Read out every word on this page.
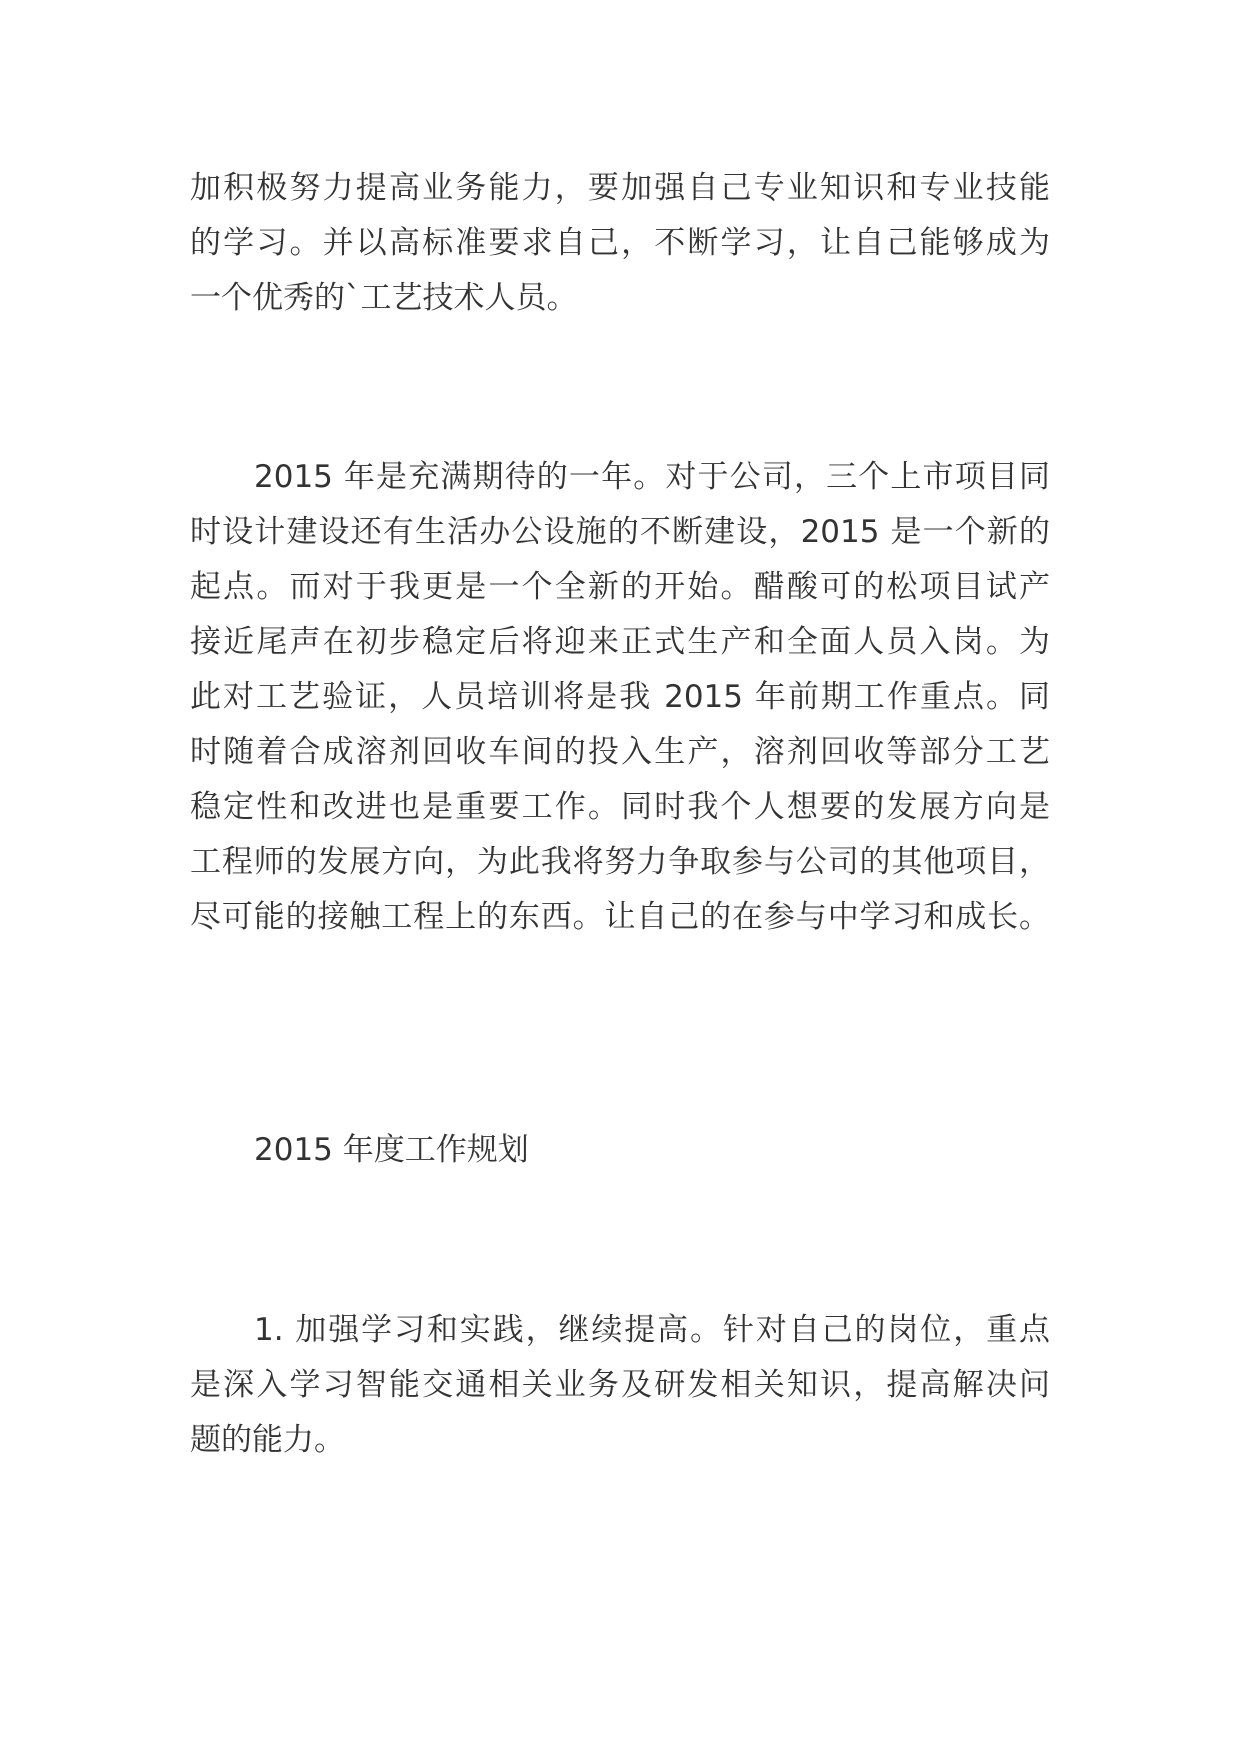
加积极努力提高业务能力，要加强自己专业知识和专业技能
的学习。并以高标准要求自己，不断学习，让自己能够成为
一个优秀的`工艺技术人员。
2015 年是充满期待的一年。对于公司，三个上市项目同
时设计建设还有生活办公设施的不断建设，2015 是一个新的
起点。而对于我更是一个全新的开始。醋酸可的松项目试产
接近尾声在初步稳定后将迎来正式生产和全面人员入岗。为
此对工艺验证，人员培训将是我 2015 年前期工作重点。同
时随着合成溶剂回收车间的投入生产，溶剂回收等部分工艺
稳定性和改进也是重要工作。同时我个人想要的发展方向是
工程师的发展方向，为此我将努力争取参与公司的其他项目，
尽可能的接触工程上的东西。让自己的在参与中学习和成长。
2015 年度工作规划
1. 加强学习和实践，继续提高。针对自己的岗位，重点
是深入学习智能交通相关业务及研发相关知识，提高解决问
题的能力。
